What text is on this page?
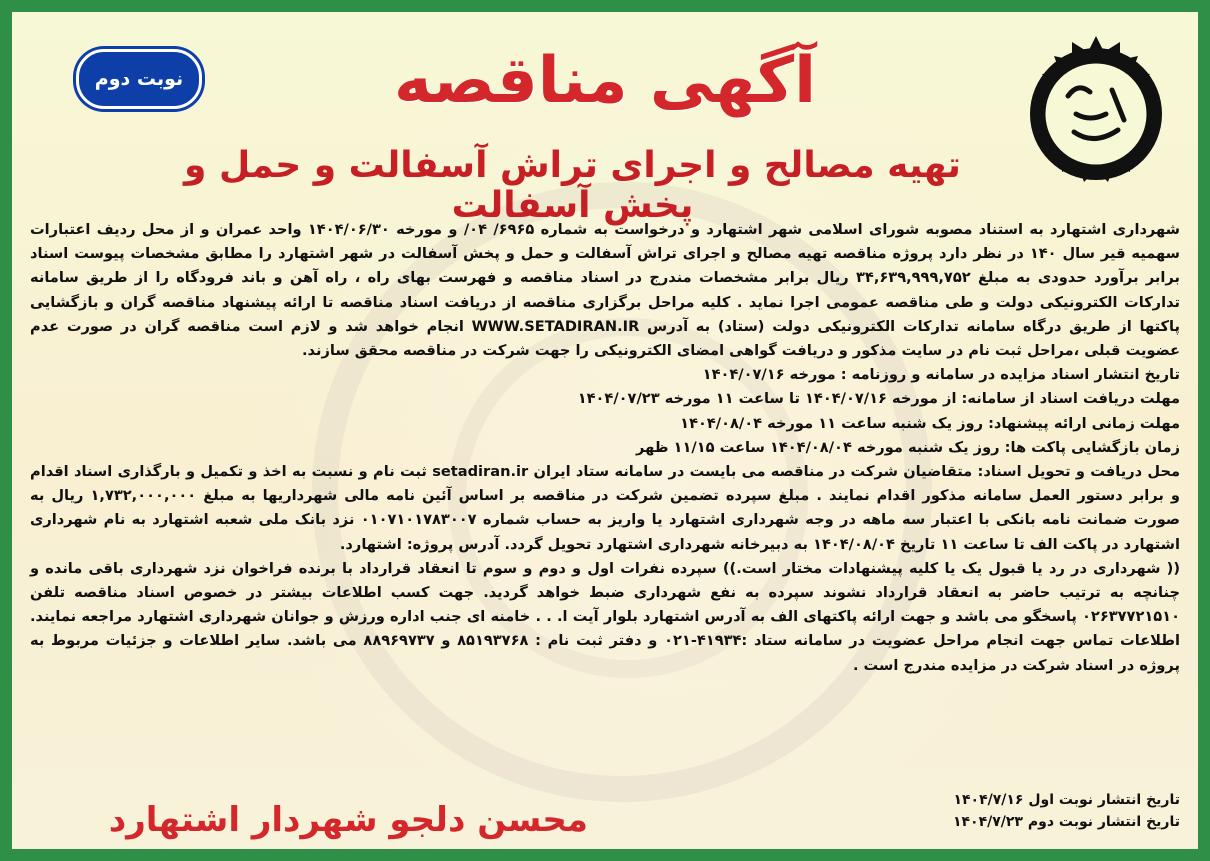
نوبت دوم	آگهی مناقصه
تهیه مصالح و اجرای تراش آسفالت و حمل و پخش آسفالت

شهرداری اشتهارد به استناد مصوبه شورای اسلامی شهر اشتهارد و درخواست به شماره ۶۹۶۵/ ۰۴/ و مورخه ۱۴۰۴/۰۶/۳۰ واحد عمران و از محل ردیف اعتبارات سهمیه قیر سال ۱۴۰ در نظر دارد پروژه مناقصه تهیه مصالح و اجرای تراش آسفالت و حمل و پخش آسفالت در شهر اشتهارد را مطابق مشخصات پیوست اسناد برابر برآورد حدودی به مبلغ ۳۴,۶۳۹,۹۹۹,۷۵۲ ریال برابر مشخصات مندرج در اسناد مناقصه و فهرست بهای راه ، راه آهن و باند فرودگاه را از طریق سامانه تدارکات الکترونیکی دولت و طی مناقصه عمومی اجرا نماید . کلیه مراحل برگزاری مناقصه از دریافت اسناد مناقصه تا ارائه پیشنهاد مناقصه گران و بازگشایی پاکتها از طریق درگاه سامانه تدارکات الکترونیکی دولت (ستاد) به آدرس WWW.SETADIRAN.IR انجام خواهد شد و لازم است مناقصه گران در صورت عدم عضویت قبلی ،مراحل ثبت نام در سایت مذکور و دریافت گواهی امضای الکترونیکی را جهت شرکت در مناقصه محقق سازند.

تاریخ انتشار اسناد مزایده در سامانه و روزنامه : مورخه ۱۴۰۴/۰۷/۱۶

مهلت دریافت اسناد از سامانه: از مورخه ۱۴۰۴/۰۷/۱۶ تا ساعت ۱۱ مورخه ۱۴۰۴/۰۷/۲۳

مهلت زمانی ارائه پیشنهاد: روز یک شنبه ساعت ۱۱ مورخه ۱۴۰۴/۰۸/۰۴

زمان بازگشایی پاکت ها: روز یک شنبه مورخه ۱۴۰۴/۰۸/۰۴ ساعت ۱۱/۱۵ ظهر

محل دریافت و تحویل اسناد: متقاضیان شرکت در مناقصه می بایست در سامانه ستاد ایران setadiran.ir ثبت نام و نسبت به اخذ و تکمیل و بارگذاری اسناد اقدام و برابر دستور العمل سامانه مذکور اقدام نمایند . مبلغ سپرده تضمین شرکت در مناقصه بر اساس آئین نامه مالی شهرداریها به مبلغ ۱,۷۳۲,۰۰۰,۰۰۰ ریال به صورت ضمانت نامه بانکی با اعتبار سه ماهه در وجه شهرداری اشتهارد یا واریز به حساب شماره ۰۱۰۷۱۰۱۷۸۳۰۰۷ نزد بانک ملی شعبه اشتهارد به نام شهرداری اشتهارد در پاکت الف تا ساعت ۱۱ تاریخ ۱۴۰۴/۰۸/۰۴ به دبیرخانه شهرداری اشتهارد تحویل گردد. آدرس پروژه: اشتهارد.

(( شهرداری در رد یا قبول یک یا کلیه پیشنهادات مختار است.)) سپرده نفرات اول و دوم و سوم تا انعقاد قرارداد با برنده فراخوان نزد شهرداری باقی مانده و چنانچه به ترتیب حاضر به انعقاد قرارداد نشوند سپرده به نفع شهرداری ضبط خواهد گردید. جهت کسب اطلاعات بیشتر در خصوص اسناد مناقصه تلفن ۰۲۶۳۷۷۲۱۵۱۰ پاسخگو می باشد و جهت ارائه پاکتهای الف به آدرس اشتهارد بلوار آیت ا. . . خامنه ای جنب اداره ورزش و جوانان شهرداری اشتهارد مراجعه نمایند. اطلاعات تماس جهت انجام مراحل عضویت در سامانه ستاد :۴۱۹۳۴-۰۲۱ و دفتر ثبت نام : ۸۵۱۹۳۷۶۸ و ۸۸۹۶۹۷۳۷ می باشد. سایر اطلاعات و جزئیات مربوط به پروژه در اسناد شرکت در مزایده مندرج است .

تاریخ انتشار نوبت اول ۱۴۰۴/۷/۱۶
تاریخ انتشار نوبت دوم ۱۴۰۴/۷/۲۳
محسن دلجو شهردار اشتهارد
